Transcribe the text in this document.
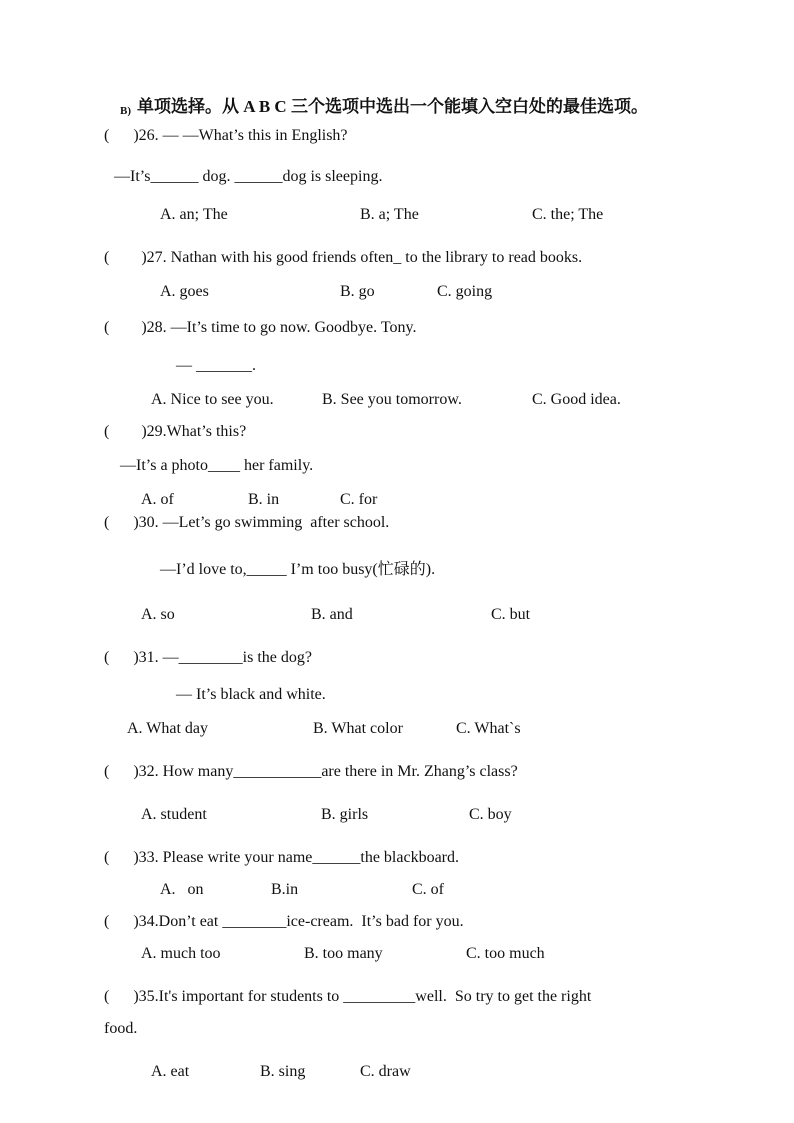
B) 单项选择。从 A B C 三个选项中选出一个能填入空白处的最佳选项。
(      )26. — —What’s this in English?
—It’s______ dog. ______dog is sleeping.
A. an; The	B. a; The	C. the; The
(        )27. Nathan with his good friends often_ to the library to read books.
A. goes	B. go	C. going
(        )28. —It’s time to go now. Goodbye. Tony.
— _______.
A. Nice to see you.	B. See you tomorrow.	C. Good idea.
(        )29.What’s this?
—It’s a photo____ her family.
A. of	B. in	C. for
(      )30. —Let’s go swimming  after school.
—I’d love to,_____ I’m too busy(忙碌的).
A. so	B. and	C. but
(      )31. —________is the dog?
— It’s black and white.
A. What day	B. What color	C. What`s
(      )32. How many___________are there in Mr. Zhang’s class?
A. student	B. girls	C. boy
(      )33. Please write your name______the blackboard.
A.   on	B.in	C. of
(      )34.Don’t eat ________ice-cream.  It’s bad for you.
A. much too	B. too many	C. too much
(      )35.It's important for students to _________well.  So try to get the right
food.
A. eat	B. sing	C. draw
